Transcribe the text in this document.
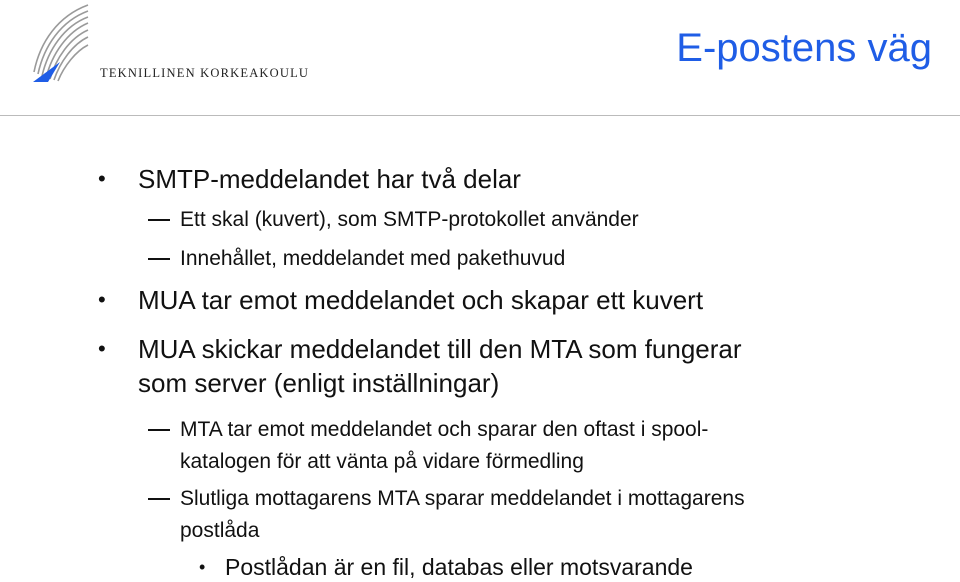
TEKNILLINEN KORKEAKOULU
E-postens väg
• SMTP-meddelandet har två delar
Ett skal (kuvert), som SMTP-protokollet använder
Innehållet, meddelandet med pakethuvud
• MUA tar emot meddelandet och skapar ett kuvert
• MUA skickar meddelandet till den MTA som fungerar
som server (enligt inställningar)
MTA tar emot meddelandet och sparar den oftast i spool-
katalogen för att vänta på vidare förmedling
Slutliga mottagarens MTA sparar meddelandet i mottagarens
postlåda
• Postlådan är en fil, databas eller motsvarande
